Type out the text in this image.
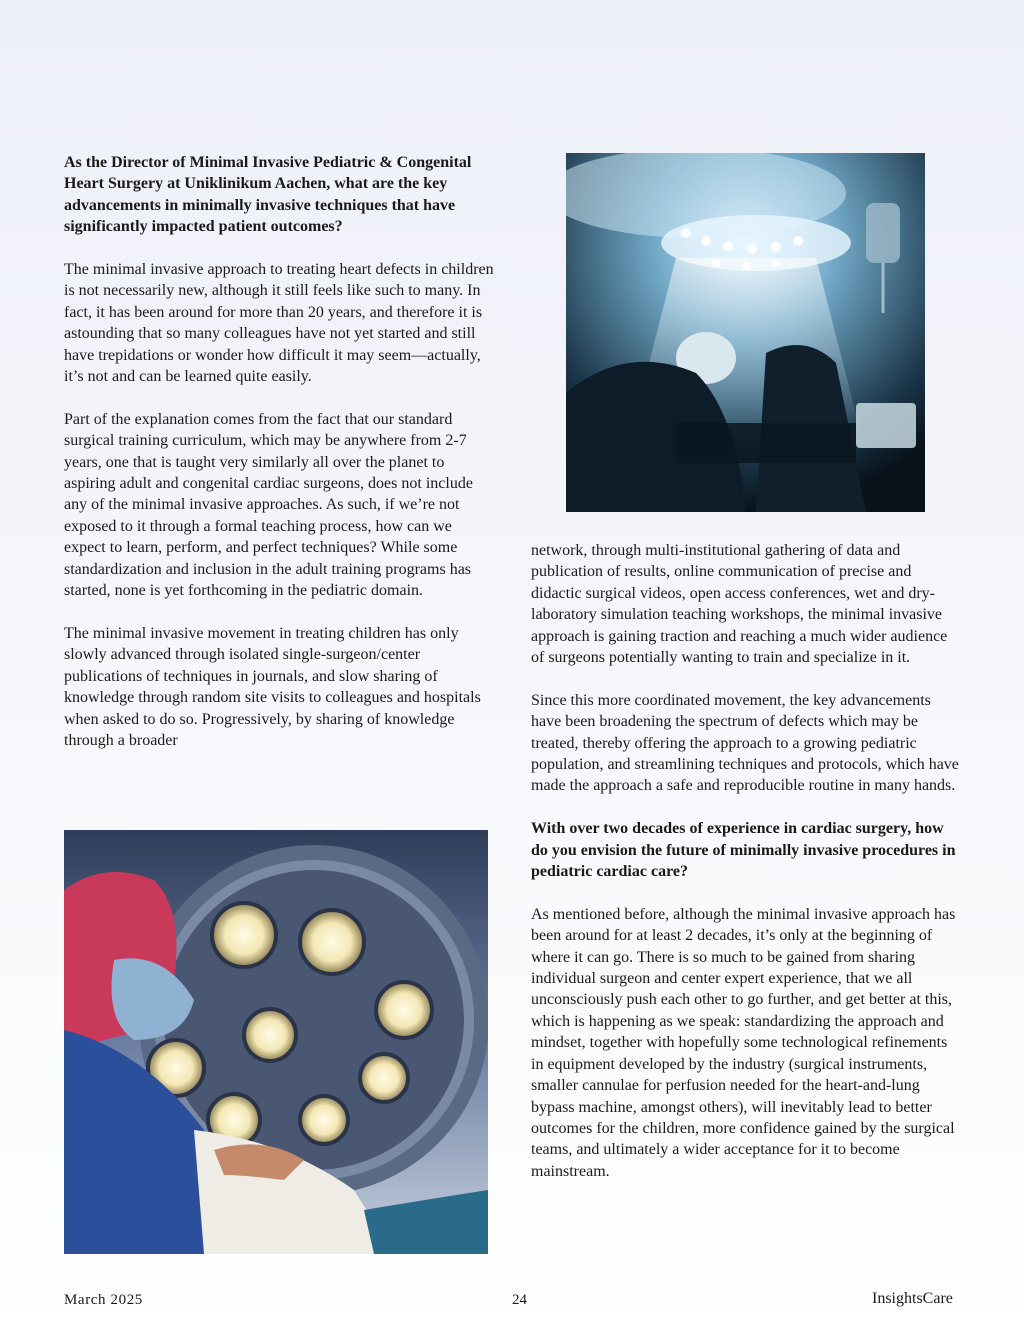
As the Director of Minimal Invasive Pediatric & Congenital Heart Surgery at Uniklinikum Aachen, what are the key advancements in minimally invasive techniques that have significantly impacted patient outcomes?

The minimal invasive approach to treating heart defects in children is not necessarily new, although it still feels like such to many. In fact, it has been around for more than 20 years, and therefore it is astounding that so many colleagues have not yet started and still have trepidations or wonder how difficult it may seem—actually, it’s not and can be learned quite easily.

Part of the explanation comes from the fact that our standard surgical training curriculum, which may be anywhere from 2-7 years, one that is taught very similarly all over the planet to aspiring adult and congenital cardiac surgeons, does not include any of the minimal invasive approaches. As such, if we’re not exposed to it through a formal teaching process, how can we expect to learn, perform, and perfect techniques? While some standardization and inclusion in the adult training programs has started, none is yet forthcoming in the pediatric domain.

The minimal invasive movement in treating children has only slowly advanced through isolated single-surgeon/center publications of techniques in journals, and slow sharing of knowledge through random site visits to colleagues and hospitals when asked to do so. Progressively, by sharing of knowledge through a broader

network, through multi-institutional gathering of data and publication of results, online communication of precise and didactic surgical videos, open access conferences, wet and dry-laboratory simulation teaching workshops, the minimal invasive approach is gaining traction and reaching a much wider audience of surgeons potentially wanting to train and specialize in it.

Since this more coordinated movement, the key advancements have been broadening the spectrum of defects which may be treated, thereby offering the approach to a growing pediatric population, and streamlining techniques and protocols, which have made the approach a safe and reproducible routine in many hands.

With over two decades of experience in cardiac surgery, how do you envision the future of minimally invasive procedures in pediatric cardiac care?

As mentioned before, although the minimal invasive approach has been around for at least 2 decades, it’s only at the beginning of where it can go. There is so much to be gained from sharing individual surgeon and center expert experience, that we all unconsciously push each other to go further, and get better at this, which is happening as we speak: standardizing the approach and mindset, together with hopefully some technological refinements in equipment developed by the industry (surgical instruments, smaller cannulae for perfusion needed for the heart-and-lung bypass machine, amongst others), will inevitably lead to better outcomes for the children, more confidence gained by the surgical teams, and ultimately a wider acceptance for it to become mainstream.

March 2025	24	InsightsCare
